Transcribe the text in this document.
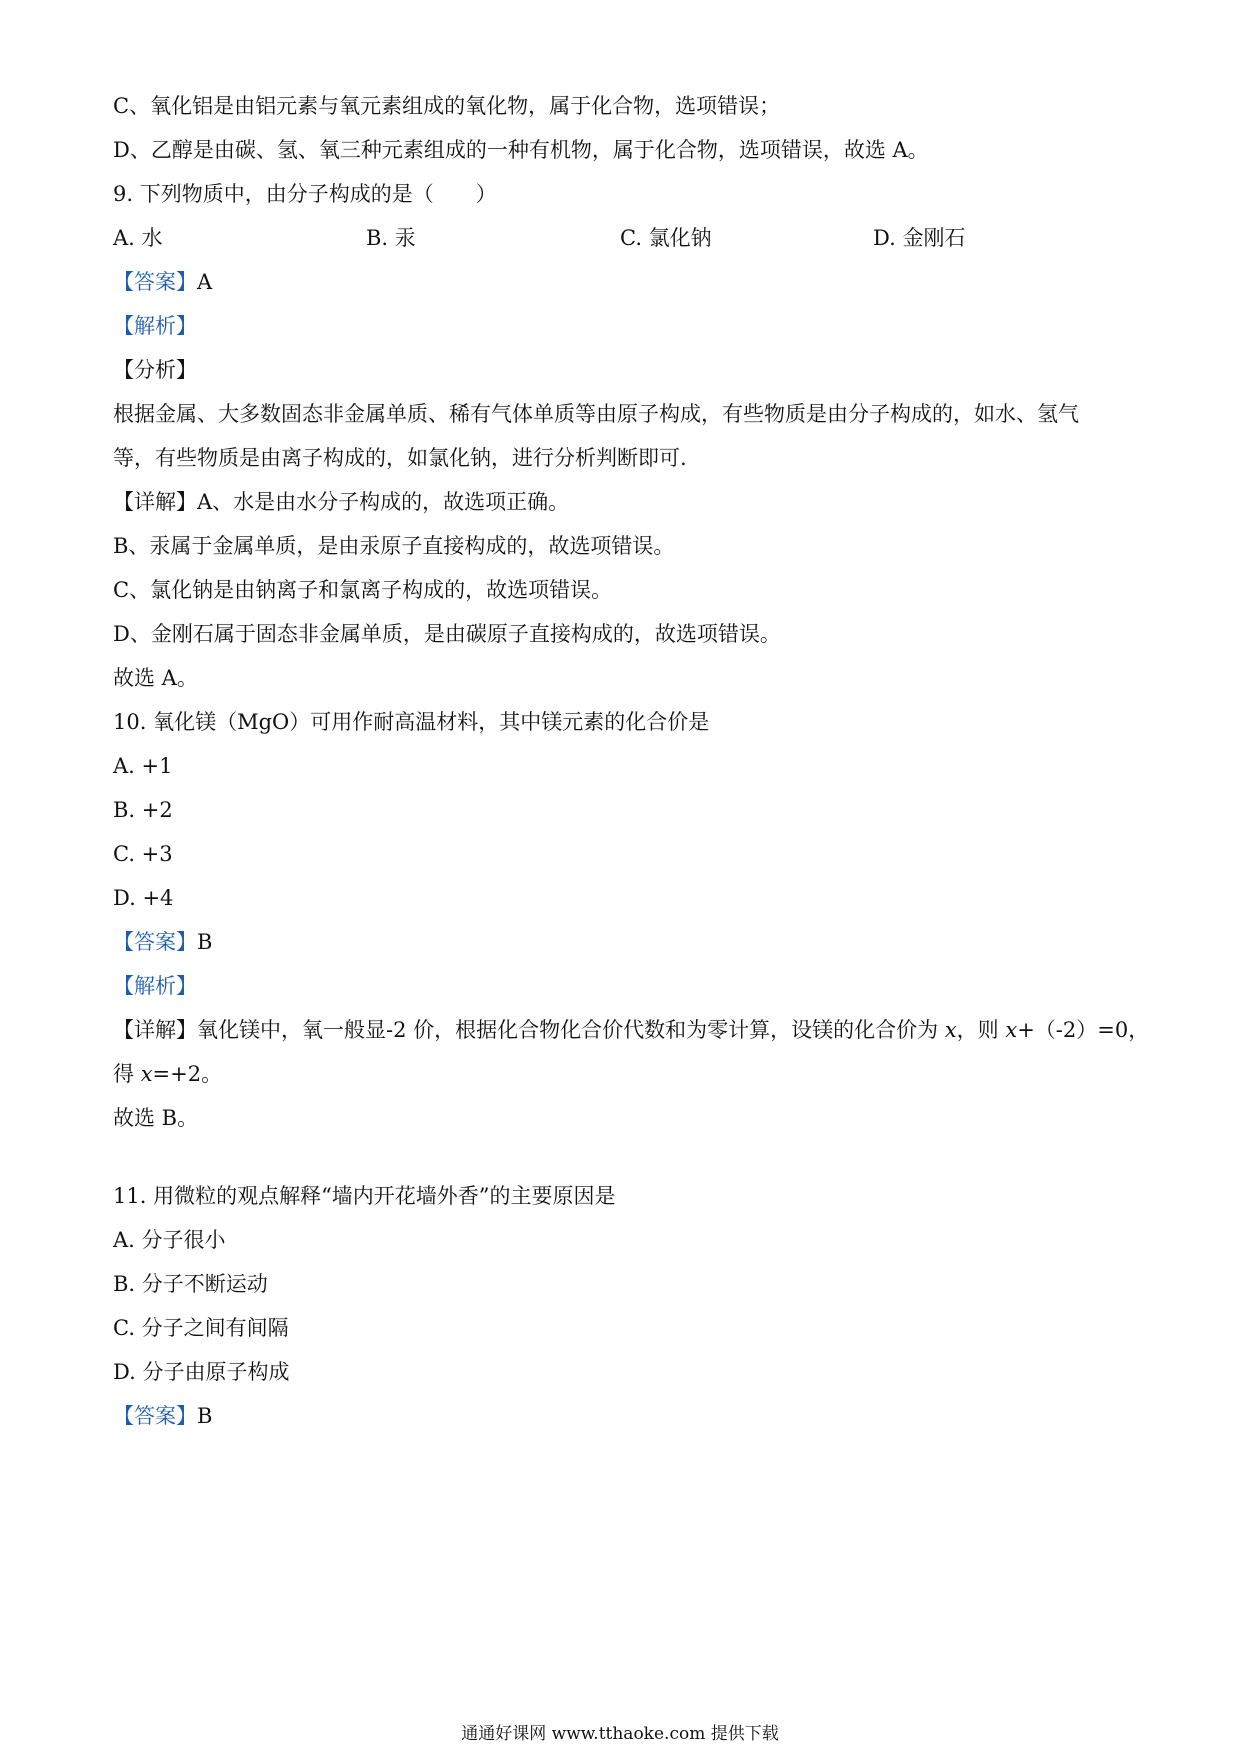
C、氧化铝是由铝元素与氧元素组成的氧化物，属于化合物，选项错误；
D、乙醇是由碳、氢、氧三种元素组成的一种有机物，属于化合物，选项错误，故选 A。
9. 下列物质中，由分子构成的是（　　）
A. 水	B. 汞	C. 氯化钠	D. 金刚石
【答案】A
【解析】
【分析】
根据金属、大多数固态非金属单质、稀有气体单质等由原子构成，有些物质是由分子构成的，如水、氢气
等，有些物质是由离子构成的，如氯化钠，进行分析判断即可.
【详解】A、水是由水分子构成的，故选项正确。
B、汞属于金属单质，是由汞原子直接构成的，故选项错误。
C、氯化钠是由钠离子和氯离子构成的，故选项错误。
D、金刚石属于固态非金属单质，是由碳原子直接构成的，故选项错误。
故选 A。
10. 氧化镁（MgO）可用作耐高温材料，其中镁元素的化合价是
A. +1
B. +2
C. +3
D. +4
【答案】B
【解析】
【详解】氧化镁中，氧一般显-2 价，根据化合物化合价代数和为零计算，设镁的化合价为 x，则 x+（-2）=0，
得 x=+2。
故选 B。
11. 用微粒的观点解释“墙内开花墙外香”的主要原因是
A. 分子很小
B. 分子不断运动
C. 分子之间有间隔
D. 分子由原子构成
【答案】B
通通好课网 www.tthaoke.com 提供下载
